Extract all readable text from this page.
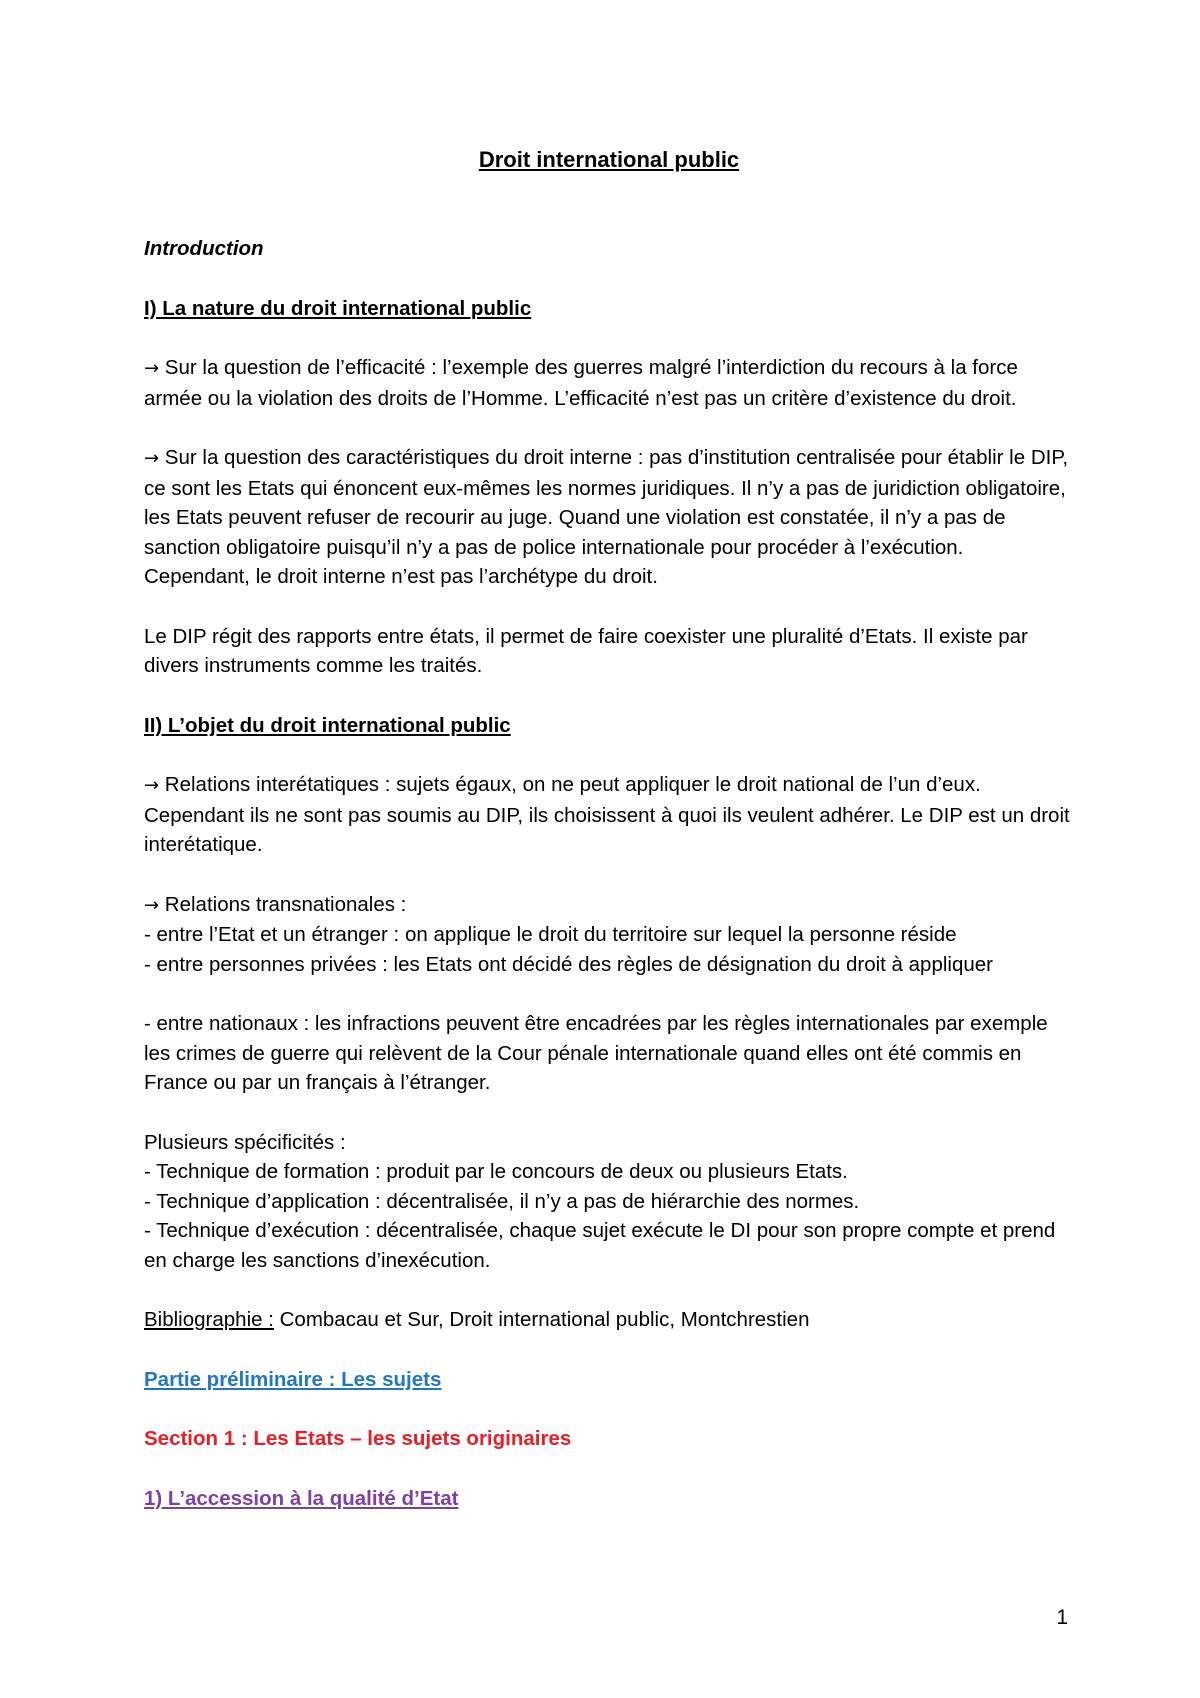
Droit international public

Introduction

I) La nature du droit international public

→ Sur la question de l’efficacité : l’exemple des guerres malgré l’interdiction du recours à la force armée ou la violation des droits de l’Homme. L’efficacité n’est pas un critère d’existence du droit.

→ Sur la question des caractéristiques du droit interne : pas d’institution centralisée pour établir le DIP, ce sont les Etats qui énoncent eux-mêmes les normes juridiques. Il n’y a pas de juridiction obligatoire, les Etats peuvent refuser de recourir au juge. Quand une violation est constatée, il n’y a pas de sanction obligatoire puisqu’il n’y a pas de police internationale pour procéder à l’exécution. Cependant, le droit interne n’est pas l’archétype du droit.

Le DIP régit des rapports entre états, il permet de faire coexister une pluralité d’Etats. Il existe par divers instruments comme les traités.

II) L’objet du droit international public

→ Relations interétatiques : sujets égaux, on ne peut appliquer le droit national de l’un d’eux. Cependant ils ne sont pas soumis au DIP, ils choisissent à quoi ils veulent adhérer. Le DIP est un droit interétatique.

→ Relations transnationales :

- entre l’Etat et un étranger : on applique le droit du territoire sur lequel la personne réside

- entre personnes privées : les Etats ont décidé des règles de désignation du droit à appliquer

- entre nationaux : les infractions peuvent être encadrées par les règles internationales par exemple les crimes de guerre qui relèvent de la Cour pénale internationale quand elles ont été commis en France ou par un français à l’étranger.

Plusieurs spécificités :

- Technique de formation : produit par le concours de deux ou plusieurs Etats.

- Technique d’application : décentralisée, il n’y a pas de hiérarchie des normes.

- Technique d’exécution : décentralisée, chaque sujet exécute le DI pour son propre compte et prend en charge les sanctions d’inexécution.

Bibliographie : Combacau et Sur, Droit international public, Montchrestien

Partie préliminaire : Les sujets

Section 1 : Les Etats – les sujets originaires

1) L’accession à la qualité d’Etat

1
